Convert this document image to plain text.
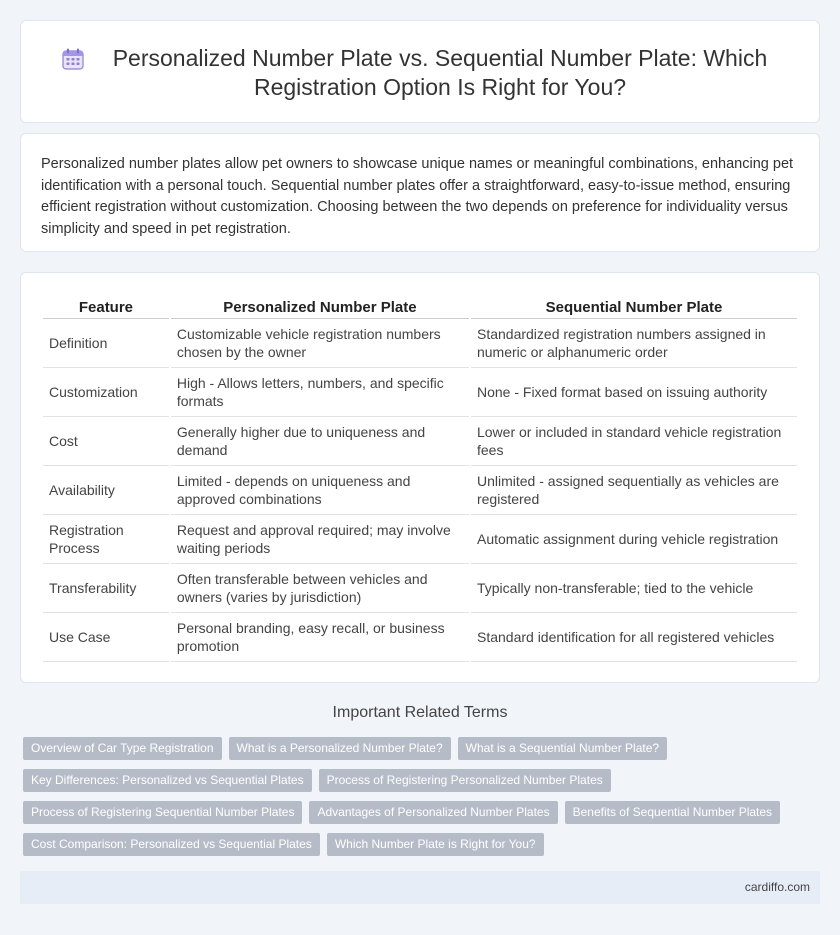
Personalized Number Plate vs. Sequential Number Plate: Which Registration Option Is Right for You?

Personalized number plates allow pet owners to showcase unique names or meaningful combinations, enhancing pet identification with a personal touch. Sequential number plates offer a straightforward, easy-to-issue method, ensuring efficient registration without customization. Choosing between the two depends on preference for individuality versus simplicity and speed in pet registration.

Feature	Personalized Number Plate	Sequential Number Plate
Definition	Customizable vehicle registration numbers chosen by the owner	Standardized registration numbers assigned in numeric or alphanumeric order
Customization	High - Allows letters, numbers, and specific formats	None - Fixed format based on issuing authority
Cost	Generally higher due to uniqueness and demand	Lower or included in standard vehicle registration fees
Availability	Limited - depends on uniqueness and approved combinations	Unlimited - assigned sequentially as vehicles are registered
Registration Process	Request and approval required; may involve waiting periods	Automatic assignment during vehicle registration
Transferability	Often transferable between vehicles and owners (varies by jurisdiction)	Typically non-transferable; tied to the vehicle
Use Case	Personal branding, easy recall, or business promotion	Standard identification for all registered vehicles
Important Related Terms
Overview of Car Type Registration	What is a Personalized Number Plate?	What is a Sequential Number Plate?
Key Differences: Personalized vs Sequential Plates	Process of Registering Personalized Number Plates
Process of Registering Sequential Number Plates	Advantages of Personalized Number Plates	Benefits of Sequential Number Plates
Cost Comparison: Personalized vs Sequential Plates	Which Number Plate is Right for You?
cardiffo.com
